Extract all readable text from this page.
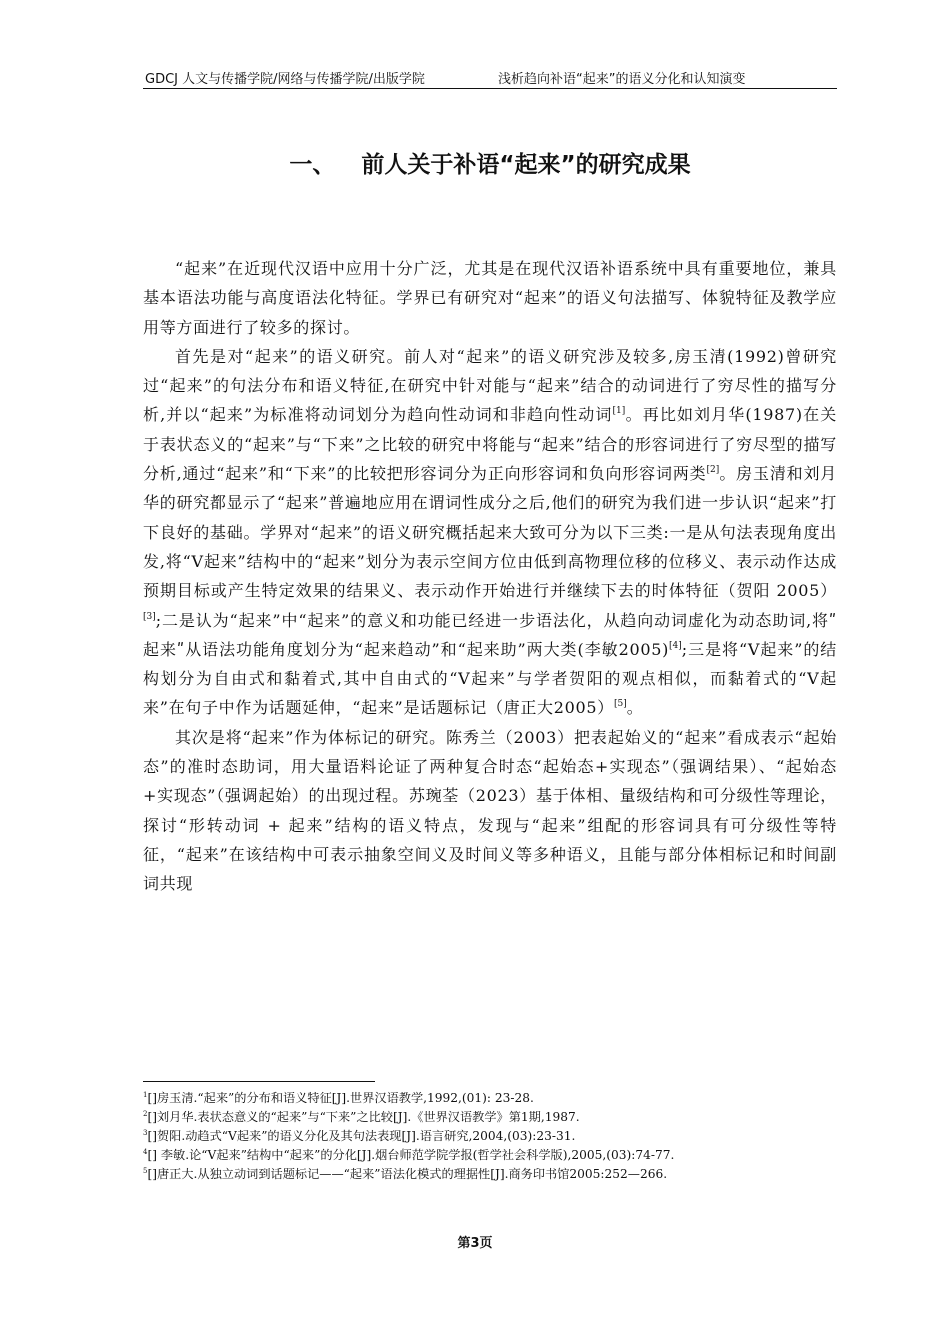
GDCJ 人文与传播学院/网络与传播学院/出版学院	浅析趋向补语“起来”的语义分化和认知演变
一、 前人关于补语“起来”的研究成果

“起来”在近现代汉语中应用十分广泛，尤其是在现代汉语补语系统中具有重要地位，兼具基本语法功能与高度语法化特征。学界已有研究对“起来”的语义句法描写、体貌特征及教学应用等方面进行了较多的探讨。

首先是对“起来”的语义研究。前人对“起来”的语义研究涉及较多,房玉清(1992)曾研究过“起来”的句法分布和语义特征,在研究中针对能与“起来”结合的动词进行了穷尽性的描写分析,并以“起来”为标准将动词划分为趋向性动词和非趋向性动词[1]。再比如刘月华(1987)在关于表状态义的“起来”与“下来”之比较的研究中将能与“起来”结合的形容词进行了穷尽型的描写分析,通过“起来”和“下来”的比较把形容词分为正向形容词和负向形容词两类[2]。房玉清和刘月华的研究都显示了“起来”普遍地应用在谓词性成分之后,他们的研究为我们进一步认识“起来”打下良好的基础。学界对“起来”的语义研究概括起来大致可分为以下三类:一是从句法表现角度出发,将“V起来”结构中的“起来”划分为表示空间方位由低到高物理位移的位移义、表示动作达成预期目标或产生特定效果的结果义、表示动作开始进行并继续下去的时体特征（贺阳 2005）[3];二是认为“起来”中“起来”的意义和功能已经进一步语法化，从趋向动词虚化为动态助词,将ʺ起来ʺ从语法功能角度划分为“起来趋动”和“起来助”两大类(李敏2005)[4];三是将“V起来”的结构划分为自由式和黏着式,其中自由式的“V起来”与学者贺阳的观点相似，而黏着式的“V起来”在句子中作为话题延伸，“起来”是话题标记（唐正大2005）[5]。

其次是将“起来”作为体标记的研究。陈秀兰（2003）把表起始义的“起来”看成表示“起始态”的准时态助词，用大量语料论证了两种复合时态“起始态+实现态”（强调结果）、“起始态+实现态”（强调起始）的出现过程。苏琬荃（2023）基于体相、量级结构和可分级性等理论，探讨“形转动词 + 起来”结构的语义特点，发现与“起来”组配的形容词具有可分级性等特征，“起来”在该结构中可表示抽象空间义及时间义等多种语义，且能与部分体相标记和时间副词共现

$^1$[]房玉清.“起来”的分布和语义特征[J].世界汉语教学,1992,(01): 23-28.

$^2$[]刘月华.表状态意义的“起来”与“下来”之比较[J].《世界汉语教学》第1期,1987.

$^3$[]贺阳.动趋式“V起来”的语义分化及其句法表现[J].语言研究,2004,(03):23-31.

$^4$[] 李敏.论“V起来”结构中“起来”的分化[J].烟台师范学院学报(哲学社会科学版),2005,(03):74-77.

$^5$[]唐正大.从独立动词到话题标记——“起来”语法化模式的理据性[J].商务印书馆2005:252—266.

第3页
